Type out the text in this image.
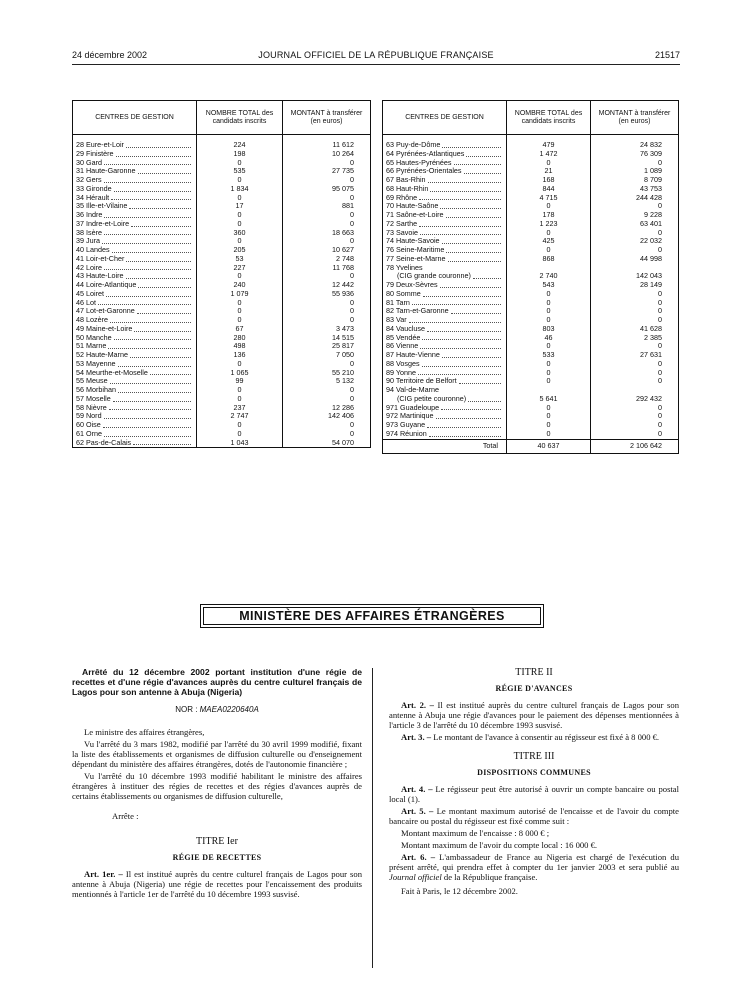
24 décembre 2002	JOURNAL OFFICIEL DE LA RÉPUBLIQUE FRANÇAISE	21517
CENTRES DE GESTION	NOMBRE TOTAL des candidats inscrits	MONTANT à transférer (en euros)

28 Eure-et-Loir	224	11 612

29 Finistère	198	10 264

30 Gard	0	0

31 Haute-Garonne	535	27 735

32 Gers	0	0

33 Gironde	1 834	95 075

34 Hérault	0	0

35 Ille-et-Vilaine	17	881

36 Indre	0	0

37 Indre-et-Loire	0	0

38 Isère	360	18 663

39 Jura	0	0

40 Landes	205	10 627

41 Loir-et-Cher	53	2 748

42 Loire	227	11 768

43 Haute-Loire	0	0

44 Loire-Atlantique	240	12 442

45 Loiret	1 079	55 936

46 Lot	0	0

47 Lot-et-Garonne	0	0

48 Lozère	0	0

49 Maine-et-Loire	67	3 473

50 Manche	280	14 515

51 Marne	498	25 817

52 Haute-Marne	136	7 050

53 Mayenne	0	0

54 Meurthe-et-Moselle	1 065	55 210

55 Meuse	99	5 132

56 Morbihan	0	0

57 Moselle	0	0

58 Nièvre	237	12 286

59 Nord	2 747	142 406

60 Oise	0	0

61 Orne	0	0

62 Pas-de-Calais	1 043	54 070
CENTRES DE GESTION	NOMBRE TOTAL des candidats inscrits	MONTANT à transférer (en euros)

63 Puy-de-Dôme	479	24 832

64 Pyrénées-Atlantiques	1 472	76 309

65 Hautes-Pyrénées	0	0

66 Pyrénées-Orientales	21	1 089

67 Bas-Rhin	168	8 709

68 Haut-Rhin	844	43 753

69 Rhône	4 715	244 428

70 Haute-Saône	0	0

71 Saône-et-Loire	178	9 228

72 Sarthe	1 223	63 401

73 Savoie	0	0

74 Haute-Savoie	425	22 032

76 Seine-Maritime	0	0

77 Seine-et-Marne	868	44 998

78 Yvelines		

(CIG grande couronne)	2 740	142 043

79 Deux-Sèvres	543	28 149

80 Somme	0	0

81 Tarn	0	0

82 Tarn-et-Garonne	0	0

83 Var	0	0

84 Vaucluse	803	41 628

85 Vendée	46	2 385

86 Vienne	0	0

87 Haute-Vienne	533	27 631

88 Vosges	0	0

89 Yonne	0	0

90 Territoire de Belfort	0	0

94 Val-de-Marne		

(CIG petite couronne)	5 641	292 432

971 Guadeloupe	0	0

972 Martinique	0	0

973 Guyane	0	0

974 Réunion	0	0
Total	40 637	2 106 642
MINISTÈRE DES AFFAIRES ÉTRANGÈRES

Arrêté du 12 décembre 2002 portant institution d'une régie de recettes et d'une régie d'avances auprès du centre culturel français de Lagos pour son antenne à Abuja (Nigeria)

NOR : MAEA0220640A

Le ministre des affaires étrangères,

Vu l'arrêté du 3 mars 1982, modifié par l'arrêté du 30 avril 1999 modifié, fixant la liste des établissements et organismes de diffusion culturelle ou d'enseignement dépendant du ministère des affaires étrangères, dotés de l'autonomie financière ;

Vu l'arrêté du 10 décembre 1993 modifié habilitant le ministre des affaires étrangères à instituer des régies de recettes et des régies d'avances auprès de certains établissements ou organismes de diffusion culturelle,

Arrête :

TITRE Ier

RÉGIE DE RECETTES

Art. 1er. – Il est institué auprès du centre culturel français de Lagos pour son antenne à Abuja (Nigeria) une régie de recettes pour l'encaissement des produits mentionnés à l'article 1er de l'arrêté du 10 décembre 1993 susvisé.

TITRE II

RÉGIE D'AVANCES

Art. 2. – Il est institué auprès du centre culturel français de Lagos pour son antenne à Abuja une régie d'avances pour le paiement des dépenses mentionnées à l'article 3 de l'arrêté du 10 décembre 1993 susvisé.

Art. 3. – Le montant de l'avance à consentir au régisseur est fixé à 8 000 €.

TITRE III

DISPOSITIONS COMMUNES

Art. 4. – Le régisseur peut être autorisé à ouvrir un compte bancaire ou postal local (1).

Art. 5. – Le montant maximum autorisé de l'encaisse et de l'avoir du compte bancaire ou postal du régisseur est fixé comme suit :

Montant maximum de l'encaisse : 8 000 € ;

Montant maximum de l'avoir du compte local : 16 000 €.

Art. 6. – L'ambassadeur de France au Nigeria est chargé de l'exécution du présent arrêté, qui prendra effet à compter du 1er janvier 2003 et sera publié au Journal officiel de la République française.

Fait à Paris, le 12 décembre 2002.
